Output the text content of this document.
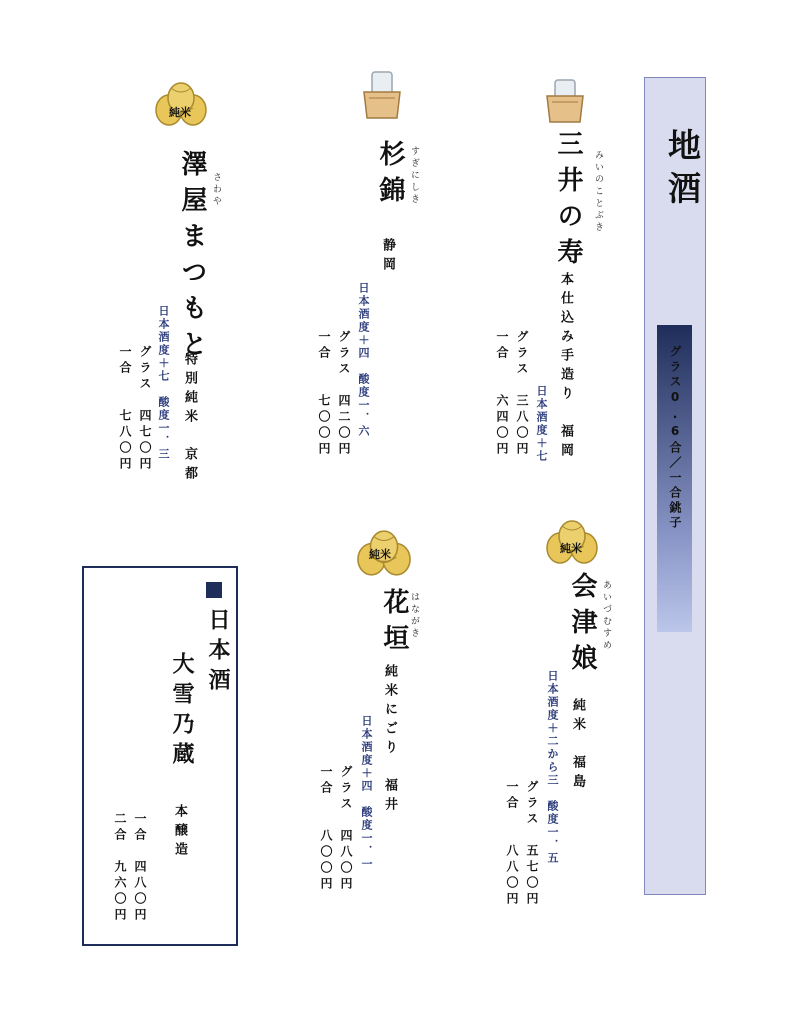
地酒

グラス0.6合／一合銚子

純米
純米
純米

三井の寿	みいのことぶき

本仕込み手造り　福岡

日本酒度＋七

グラス　三八〇円

一合　　六四〇円

杉錦 すぎにしき

静岡

日本酒度＋四　酸度一．六

グラス　四二〇円

一合　　七〇〇円

澤屋まつもと さわや

特別純米　京都

日本酒度＋七　酸度一．三

グラス　四七〇円

一合　　七八〇円

会津娘 あいづむすめ

純米　福島

日本酒度＋二から三　酸度一．五

グラス　五七〇円

一合　　八八〇円

花垣 はながき

純米にごり　福井

日本酒度＋四　酸度一．一

グラス　四八〇円

一合　　八〇〇円

日本酒

大雪乃蔵

本醸造

一合　四八〇円

二合　九六〇円
